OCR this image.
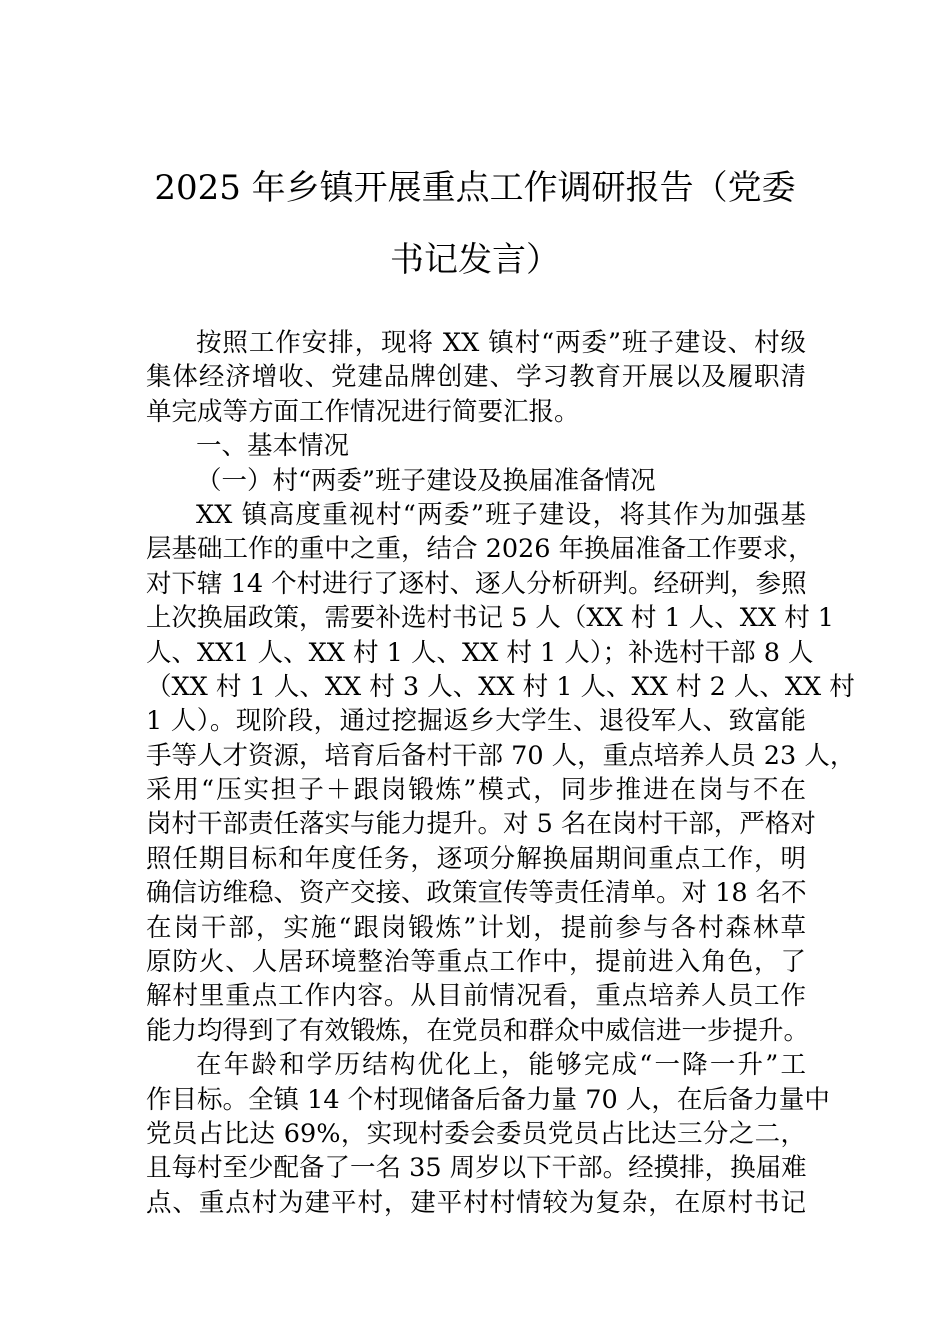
2025 年乡镇开展重点工作调研报告（党委
书记发言）
按照工作安排，现将 XX 镇村“两委”班子建设、村级
集体经济增收、党建品牌创建、学习教育开展以及履职清
单完成等方面工作情况进行简要汇报。
一、基本情况
（一）村“两委”班子建设及换届准备情况
XX 镇高度重视村“两委”班子建设，将其作为加强基
层基础工作的重中之重，结合 2026 年换届准备工作要求，
对下辖 14 个村进行了逐村、逐人分析研判。经研判，参照
上次换届政策，需要补选村书记 5 人（XX 村 1 人、XX 村 1
人、XX1 人、XX 村 1 人、XX 村 1 人）；补选村干部 8 人
（XX 村 1 人、XX 村 3 人、XX 村 1 人、XX 村 2 人、XX 村
1 人）。现阶段，通过挖掘返乡大学生、退役军人、致富能
手等人才资源，培育后备村干部 70 人，重点培养人员 23 人，
采用“压实担子＋跟岗锻炼”模式，同步推进在岗与不在
岗村干部责任落实与能力提升。对 5 名在岗村干部，严格对
照任期目标和年度任务，逐项分解换届期间重点工作，明
确信访维稳、资产交接、政策宣传等责任清单。对 18 名不
在岗干部，实施“跟岗锻炼”计划，提前参与各村森林草
原防火、人居环境整治等重点工作中，提前进入角色，了
解村里重点工作内容。从目前情况看，重点培养人员工作
能力均得到了有效锻炼，在党员和群众中威信进一步提升。
在年龄和学历结构优化上，能够完成“一降一升”工
作目标。全镇 14 个村现储备后备力量 70 人，在后备力量中
党员占比达 69%，实现村委会委员党员占比达三分之二，
且每村至少配备了一名 35 周岁以下干部。经摸排，换届难
点、重点村为建平村，建平村村情较为复杂，在原村书记
